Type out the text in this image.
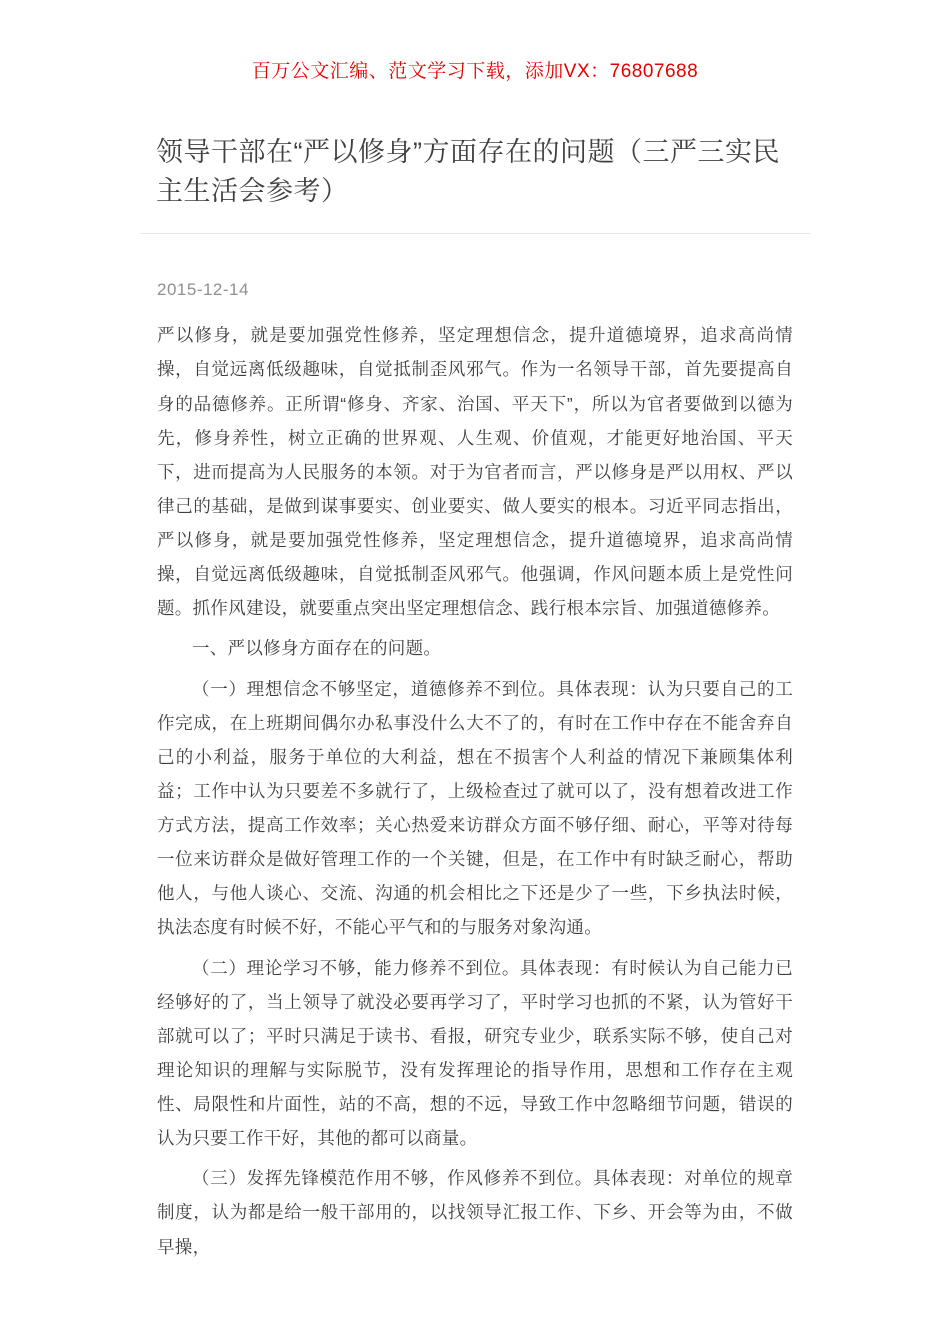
百万公文汇编、范文学习下载，添加VX：76807688
领导干部在“严以修身”方面存在的问题（三严三实民主生活会参考）
2015-12-14

严以修身，就是要加强党性修养，坚定理想信念，提升道德境界，追求高尚情操，自觉远离低级趣味，自觉抵制歪风邪气。作为一名领导干部，首先要提高自身的品德修养。正所谓“修身、齐家、治国、平天下”，所以为官者要做到以德为先，修身养性，树立正确的世界观、人生观、价值观，才能更好地治国、平天下，进而提高为人民服务的本领。对于为官者而言，严以修身是严以用权、严以律己的基础，是做到谋事要实、创业要实、做人要实的根本。习近平同志指出，严以修身，就是要加强党性修养，坚定理想信念，提升道德境界，追求高尚情操，自觉远离低级趣味，自觉抵制歪风邪气。他强调，作风问题本质上是党性问题。抓作风建设，就要重点突出坚定理想信念、践行根本宗旨、加强道德修养。

一、严以修身方面存在的问题。

（一）理想信念不够坚定，道德修养不到位。具体表现：认为只要自己的工作完成，在上班期间偶尔办私事没什么大不了的，有时在工作中存在不能舍弃自己的小利益，服务于单位的大利益，想在不损害个人利益的情况下兼顾集体利益；工作中认为只要差不多就行了，上级检查过了就可以了，没有想着改进工作方式方法，提高工作效率；关心热爱来访群众方面不够仔细、耐心，平等对待每一位来访群众是做好管理工作的一个关键，但是，在工作中有时缺乏耐心，帮助他人，与他人谈心、交流、沟通的机会相比之下还是少了一些，下乡执法时候，执法态度有时候不好，不能心平气和的与服务对象沟通。

（二）理论学习不够，能力修养不到位。具体表现：有时候认为自己能力已经够好的了，当上领导了就没必要再学习了，平时学习也抓的不紧，认为管好干部就可以了；平时只满足于读书、看报，研究专业少，联系实际不够，使自己对理论知识的理解与实际脱节，没有发挥理论的指导作用，思想和工作存在主观性、局限性和片面性，站的不高，想的不远，导致工作中忽略细节问题，错误的认为只要工作干好，其他的都可以商量。

（三）发挥先锋模范作用不够，作风修养不到位。具体表现：对单位的规章制度，认为都是给一般干部用的，以找领导汇报工作、下乡、开会等为由，不做早操，
